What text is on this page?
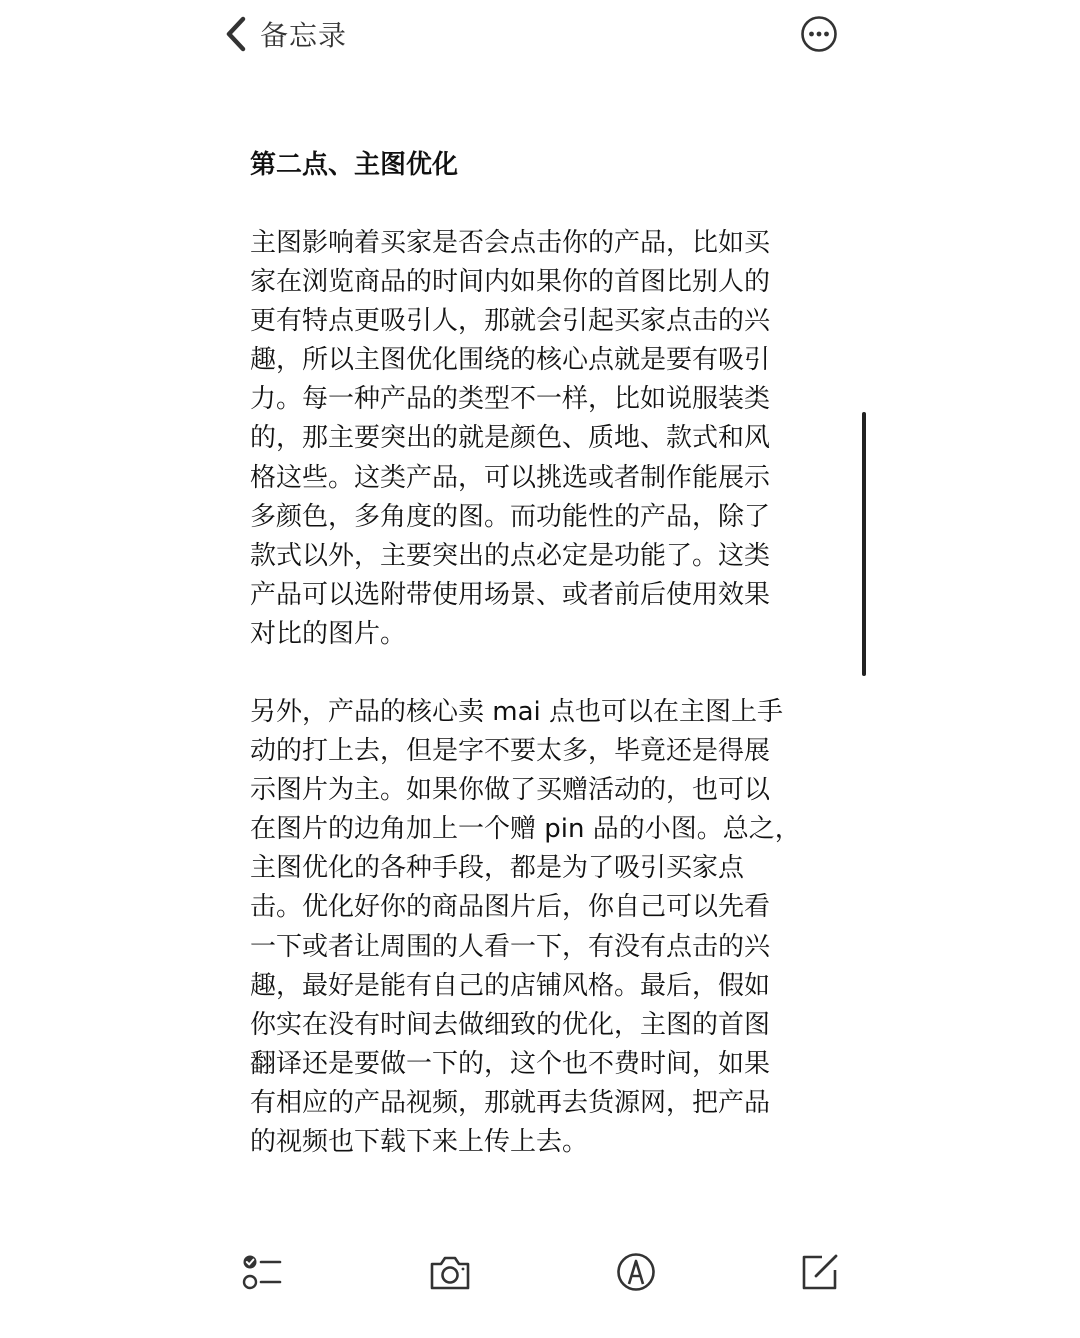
备忘录
第二点、主图优化

主图影响着买家是否会点击你的产品，比如买
家在浏览商品的时间内如果你的首图比别人的
更有特点更吸引人，那就会引起买家点击的兴
趣，所以主图优化围绕的核心点就是要有吸引
力。每一种产品的类型不一样，比如说服装类
的，那主要突出的就是颜色、质地、款式和风
格这些。这类产品，可以挑选或者制作能展示
多颜色，多角度的图。而功能性的产品，除了
款式以外，主要突出的点必定是功能了。这类
产品可以选附带使用场景、或者前后使用效果
对比的图片。

另外，产品的核心卖 mai 点也可以在主图上手
动的打上去，但是字不要太多，毕竟还是得展
示图片为主。如果你做了买赠活动的，也可以
在图片的边角加上一个赠 pin 品的小图。总之，
主图优化的各种手段，都是为了吸引买家点
击。优化好你的商品图片后，你自己可以先看
一下或者让周围的人看一下，有没有点击的兴
趣，最好是能有自己的店铺风格。最后，假如
你实在没有时间去做细致的优化，主图的首图
翻译还是要做一下的，这个也不费时间，如果
有相应的产品视频，那就再去货源网，把产品
的视频也下载下来上传上去。
